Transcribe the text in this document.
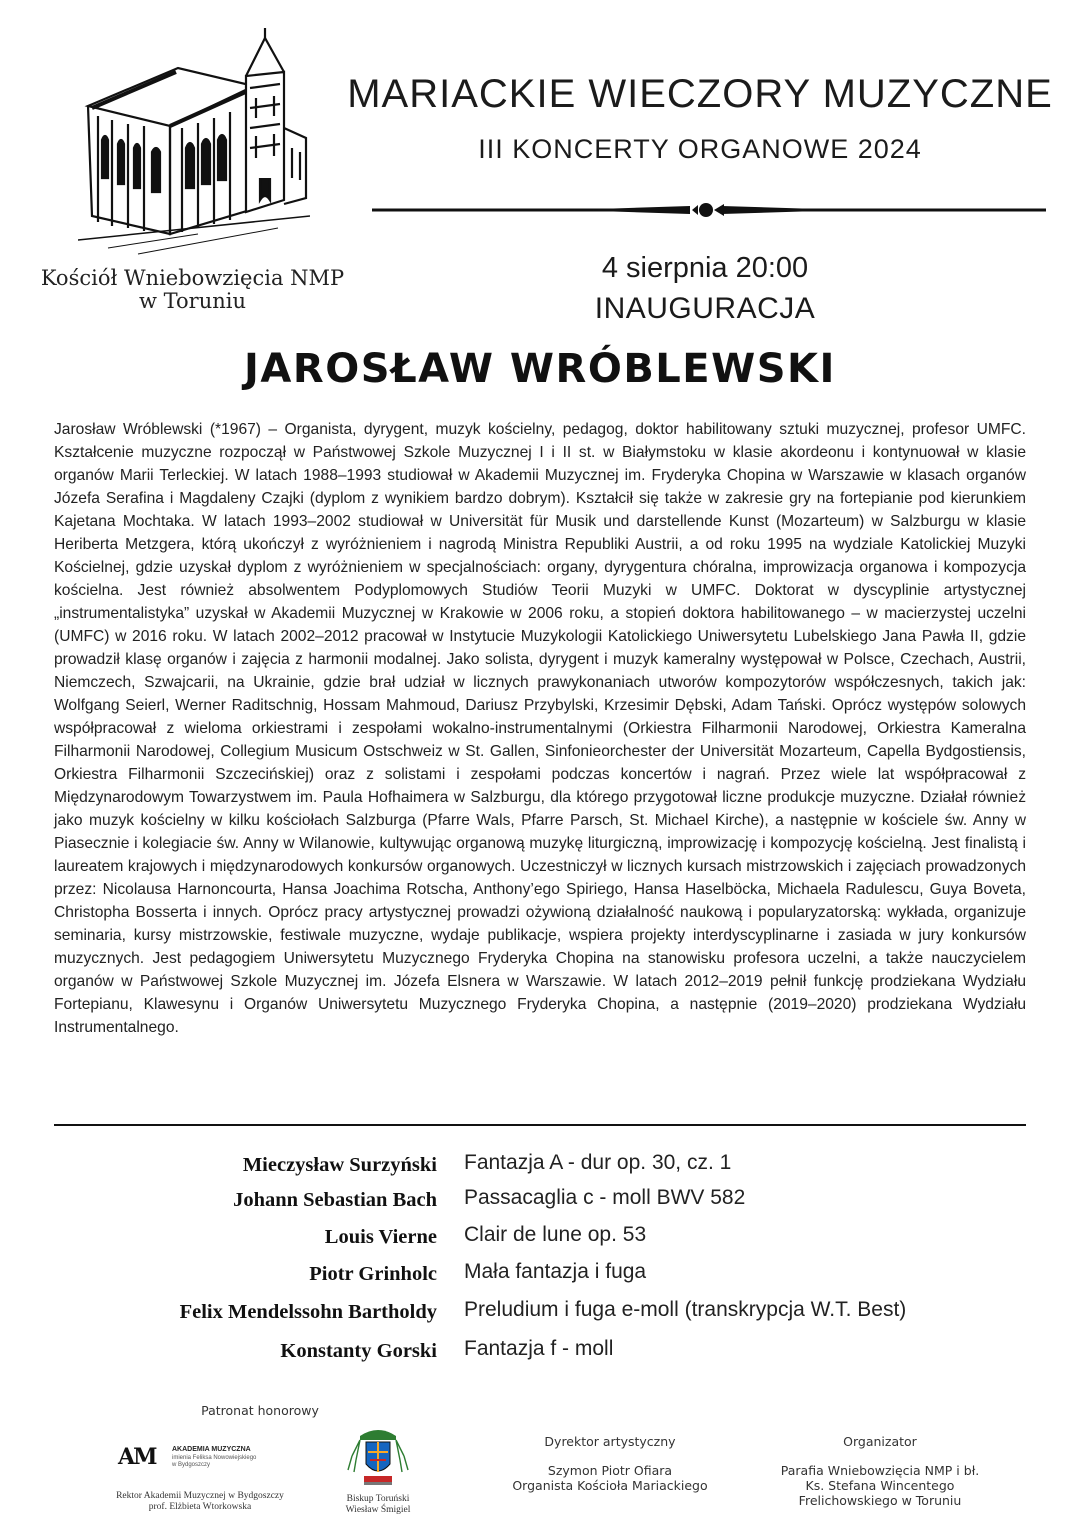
Kościół Wniebowzięcia NMP
w Toruniu
MARIACKIE WIECZORY MUZYCZNE
III KONCERTY ORGANOWE 2024
4 sierpnia 20:00
INAUGURACJA
JAROSŁAW WRÓBLEWSKI

Jarosław Wróblewski (*1967) – Organista, dyrygent, muzyk kościelny, pedagog, doktor habilitowany sztuki muzycznej, profesor UMFC. Kształcenie muzyczne rozpoczął w Państwowej Szkole Muzycznej I i II st. w Białymstoku w klasie akordeonu i kontynuował w klasie organów Marii Terleckiej. W latach 1988–1993 studiował w Akademii Muzycznej im. Fryderyka Chopina w Warszawie w klasach organów Józefa Serafina i Magdaleny Czajki (dyplom z wynikiem bardzo dobrym). Kształcił się także w zakresie gry na fortepianie pod kierunkiem Kajetana Mochtaka. W latach 1993–2002 studiował w Universität für Musik und darstellende Kunst (Mozarteum) w Salzburgu w klasie Heriberta Metzgera, którą ukończył z wyróżnieniem i nagrodą Ministra Republiki Austrii, a od roku 1995 na wydziale Katolickiej Muzyki Kościelnej, gdzie uzyskał dyplom z wyróżnieniem w specjalnościach: organy, dyrygentura chóralna, improwizacja organowa i kompozycja kościelna. Jest również absolwentem Podyplomowych Studiów Teorii Muzyki w UMFC. Doktorat w dyscyplinie artystycznej „instrumentalistyka” uzyskał w Akademii Muzycznej w Krakowie w 2006 roku, a stopień doktora habilitowanego – w macierzystej uczelni (UMFC) w 2016 roku. W latach 2002–2012 pracował w Instytucie Muzykologii Katolickiego Uniwersytetu Lubelskiego Jana Pawła II, gdzie prowadził klasę organów i zajęcia z harmonii modalnej. Jako solista, dyrygent i muzyk kameralny występował w Polsce, Czechach, Austrii, Niemczech, Szwajcarii, na Ukrainie, gdzie brał udział w licznych prawykonaniach utworów kompozytorów współczesnych, takich jak: Wolfgang Seierl, Werner Raditschnig, Hossam Mahmoud, Dariusz Przybylski, Krzesimir Dębski, Adam Tański. Oprócz występów solowych współpracował z wieloma orkiestrami i zespołami wokalno-instrumentalnymi (Orkiestra Filharmonii Narodowej, Orkiestra Kameralna Filharmonii Narodowej, Collegium Musicum Ostschweiz w St. Gallen, Sinfonieorchester der Universität Mozarteum, Capella Bydgostiensis, Orkiestra Filharmonii Szczecińskiej) oraz z solistami i zespołami podczas koncertów i nagrań. Przez wiele lat współpracował z Międzynarodowym Towarzystwem im. Paula Hofhaimera w Salzburgu, dla którego przygotował liczne produkcje muzyczne. Działał również jako muzyk kościelny w kilku kościołach Salzburga (Pfarre Wals, Pfarre Parsch, St. Michael Kirche), a następnie w kościele św. Anny w Piasecznie i kolegiacie św. Anny w Wilanowie, kultywując organową muzykę liturgiczną, improwizację i kompozycję kościelną. Jest finalistą i laureatem krajowych i międzynarodowych konkursów organowych. Uczestniczył w licznych kursach mistrzowskich i zajęciach prowadzonych przez: Nicolausa Harnoncourta, Hansa Joachima Rotscha, Anthony’ego Spiriego, Hansa Haselböcka, Michaela Radulescu, Guya Boveta, Christopha Bosserta i innych. Oprócz pracy artystycznej prowadzi ożywioną działalność naukową i popularyzatorską: wykłada, organizuje seminaria, kursy mistrzowskie, festiwale muzyczne, wydaje publikacje, wspiera projekty interdyscyplinarne i zasiada w jury konkursów muzycznych. Jest pedagogiem Uniwersytetu Muzycznego Fryderyka Chopina na stanowisku profesora uczelni, a także nauczycielem organów w Państwowej Szkole Muzycznej im. Józefa Elsnera w Warszawie. W latach 2012–2019 pełnił funkcję prodziekana Wydziału Fortepianu, Klawesynu i Organów Uniwersytetu Muzycznego Fryderyka Chopina, a następnie (2019–2020) prodziekana Wydziału Instrumentalnego.

Mieczysław Surzyński Fantazja A - dur op. 30, cz. 1
Johann Sebastian Bach Passacaglia c - moll BWV 582
Louis Vierne Clair de lune op. 53
Piotr Grinholc Mała fantazja i fuga
Felix Mendelssohn Bartholdy Preludium i fuga e-moll (transkrypcja W.T. Best)
Konstanty Gorski Fantazja f - moll
Patronat honorowy
AM AKADEMIA MUZYCZNA
imienia Feliksa Nowowiejskiego
w Bydgoszczy
Rektor Akademii Muzycznej w Bydgoszczy
prof. Elżbieta Wtorkowska
Biskup Toruński
Wiesław Śmigiel
Dyrektor artystyczny
Szymon Piotr Ofiara
Organista Kościoła Mariackiego
Organizator
Parafia Wniebowzięcia NMP i bł.
Ks. Stefana Wincentego
Frelichowskiego w Toruniu
